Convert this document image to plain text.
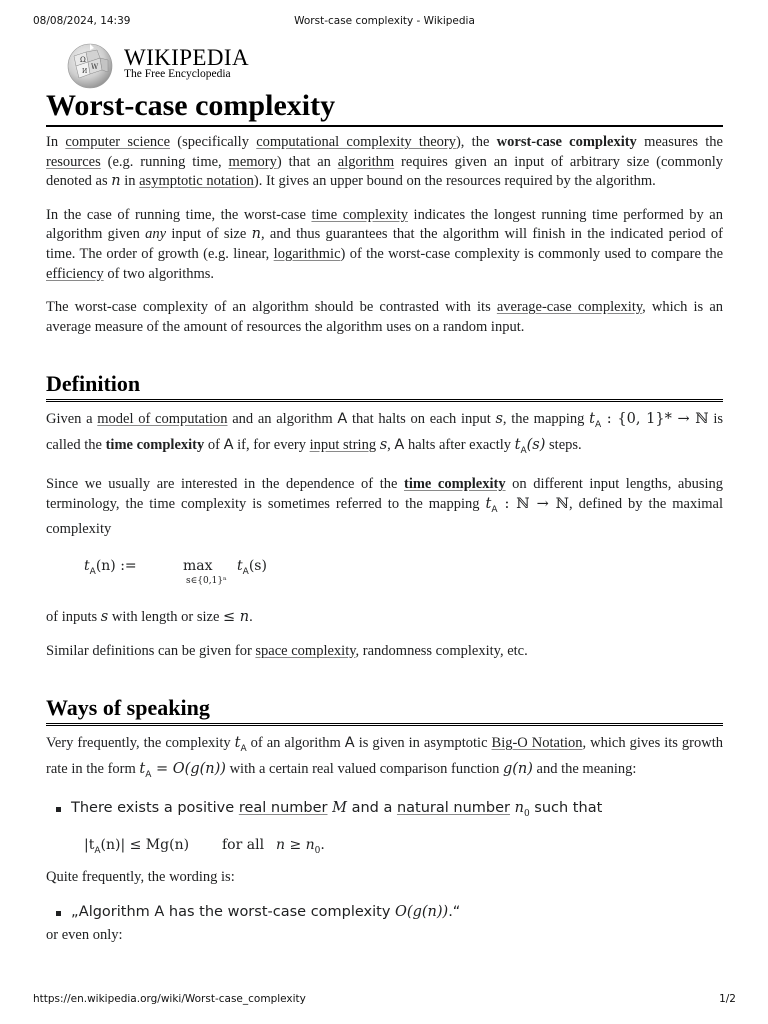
08/08/2024, 14:39	Worst-case complexity - Wikipedia
Ω
W
И
WIKIPEDIA
The Free Encyclopedia
Worst-case complexity

In computer science (specifically computational complexity theory), the worst-case complexity measures the resources (e.g. running time, memory) that an algorithm requires given an input of arbitrary size (commonly denoted as n in asymptotic notation). It gives an upper bound on the resources required by the algorithm.

In the case of running time, the worst-case time complexity indicates the longest running time performed by an algorithm given any input of size n, and thus guarantees that the algorithm will finish in the indicated period of time. The order of growth (e.g. linear, logarithmic) of the worst-case complexity is commonly used to compare the efficiency of two algorithms.

The worst-case complexity of an algorithm should be contrasted with its average-case complexity, which is an average measure of the amount of resources the algorithm uses on a random input.

Definition

Given a model of computation and an algorithm A that halts on each input s, the mapping $t_A$ : {0, 1}* → ℕ is called the time complexity of A if, for every input string s, A halts after exactly $t_A(s)$ steps.

Since we usually are interested in the dependence of the time complexity on different input lengths, abusing terminology, the time complexity is sometimes referred to the mapping $t_A$ : ℕ → ℕ, defined by the maximal complexity

$t_A(n)$ :=	max
s∈{0,1}ⁿ
$t_A(s)$

of inputs s with length or size ≤ n.

Similar definitions can be given for space complexity, randomness complexity, etc.

Ways of speaking

Very frequently, the complexity $t_A$ of an algorithm A is given in asymptotic Big-O Notation, which gives its growth rate in the form $t_A = O(g(n))$ with a certain real valued comparison function g(n) and the meaning:

There exists a positive real number M and a natural number $n_0$ such that
$|t_A(n)| \le Mg(n)$ for all $n \ge n_0$.

Quite frequently, the wording is:

„Algorithm A has the worst-case complexity O(g(n)).“

or even only:

https://en.wikipedia.org/wiki/Worst-case_complexity	1/2
